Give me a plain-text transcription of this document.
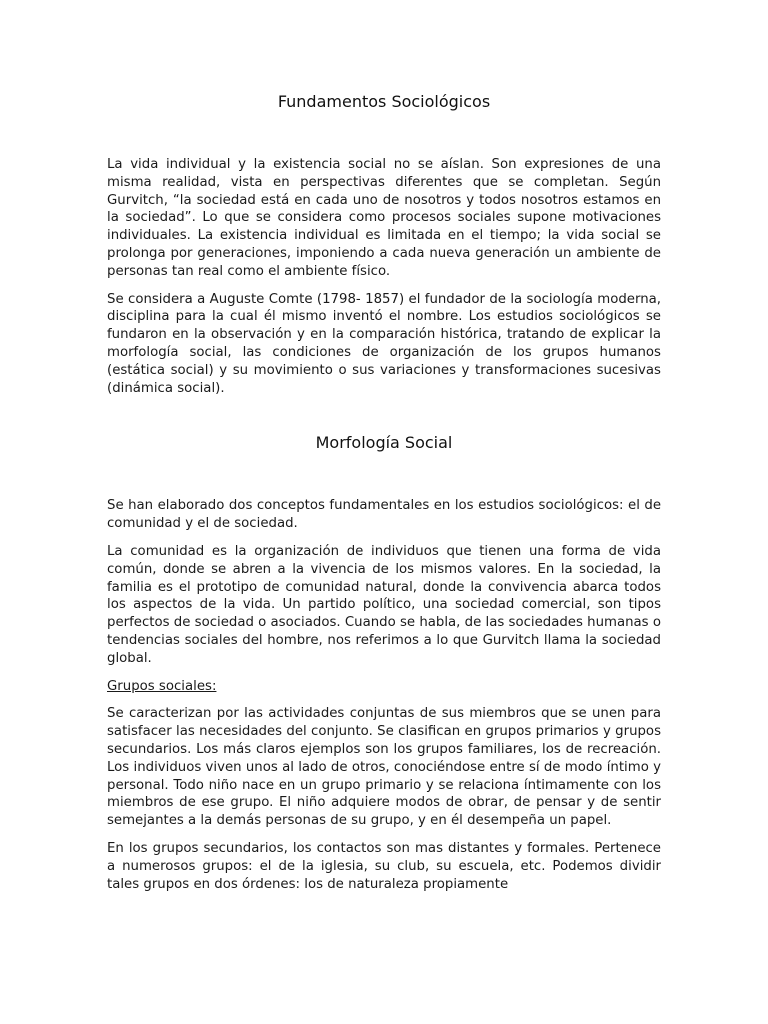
Fundamentos Sociológicos

La vida individual y la existencia social no se aíslan. Son expresiones de una misma realidad, vista en perspectivas diferentes que se completan. Según Gurvitch, “la sociedad está en cada uno de nosotros y todos nosotros estamos en la sociedad”. Lo que se considera como procesos sociales supone motivaciones individuales. La existencia individual es limitada en el tiempo; la vida social se prolonga por generaciones, imponiendo a cada nueva generación un ambiente de personas tan real como el ambiente físico.

Se considera a Auguste Comte (1798- 1857) el fundador de la sociología moderna, disciplina para la cual él mismo inventó el nombre. Los estudios sociológicos se fundaron en la observación y en la comparación histórica, tratando de explicar la morfología social, las condiciones de organización de los grupos humanos (estática social) y su movimiento o sus variaciones y transformaciones sucesivas (dinámica social).

Morfología Social

Se han elaborado dos conceptos fundamentales en los estudios sociológicos: el de comunidad y el de sociedad.

La comunidad es la organización de individuos que tienen una forma de vida común, donde se abren a la vivencia de los mismos valores. En la sociedad, la familia es el prototipo de comunidad natural, donde la convivencia abarca todos los aspectos de la vida. Un partido político, una sociedad comercial, son tipos perfectos de sociedad o asociados. Cuando se habla, de las sociedades humanas o tendencias sociales del hombre, nos referimos a lo que Gurvitch llama la sociedad global.

Grupos sociales:

Se caracterizan por las actividades conjuntas de sus miembros que se unen para satisfacer las necesidades del conjunto. Se clasifican en grupos primarios y grupos secundarios. Los más claros ejemplos son los grupos familiares, los de recreación. Los individuos viven unos al lado de otros, conociéndose entre sí de modo íntimo y personal. Todo niño nace en un grupo primario y se relaciona íntimamente con los miembros de ese grupo. El niño adquiere modos de obrar, de pensar y de sentir semejantes a la demás personas de su grupo, y en él desempeña un papel.

En los grupos secundarios, los contactos son mas distantes y formales. Pertenece a numerosos grupos: el de la iglesia, su club, su escuela, etc. Podemos dividir tales grupos en dos órdenes: los de naturaleza propiamente
